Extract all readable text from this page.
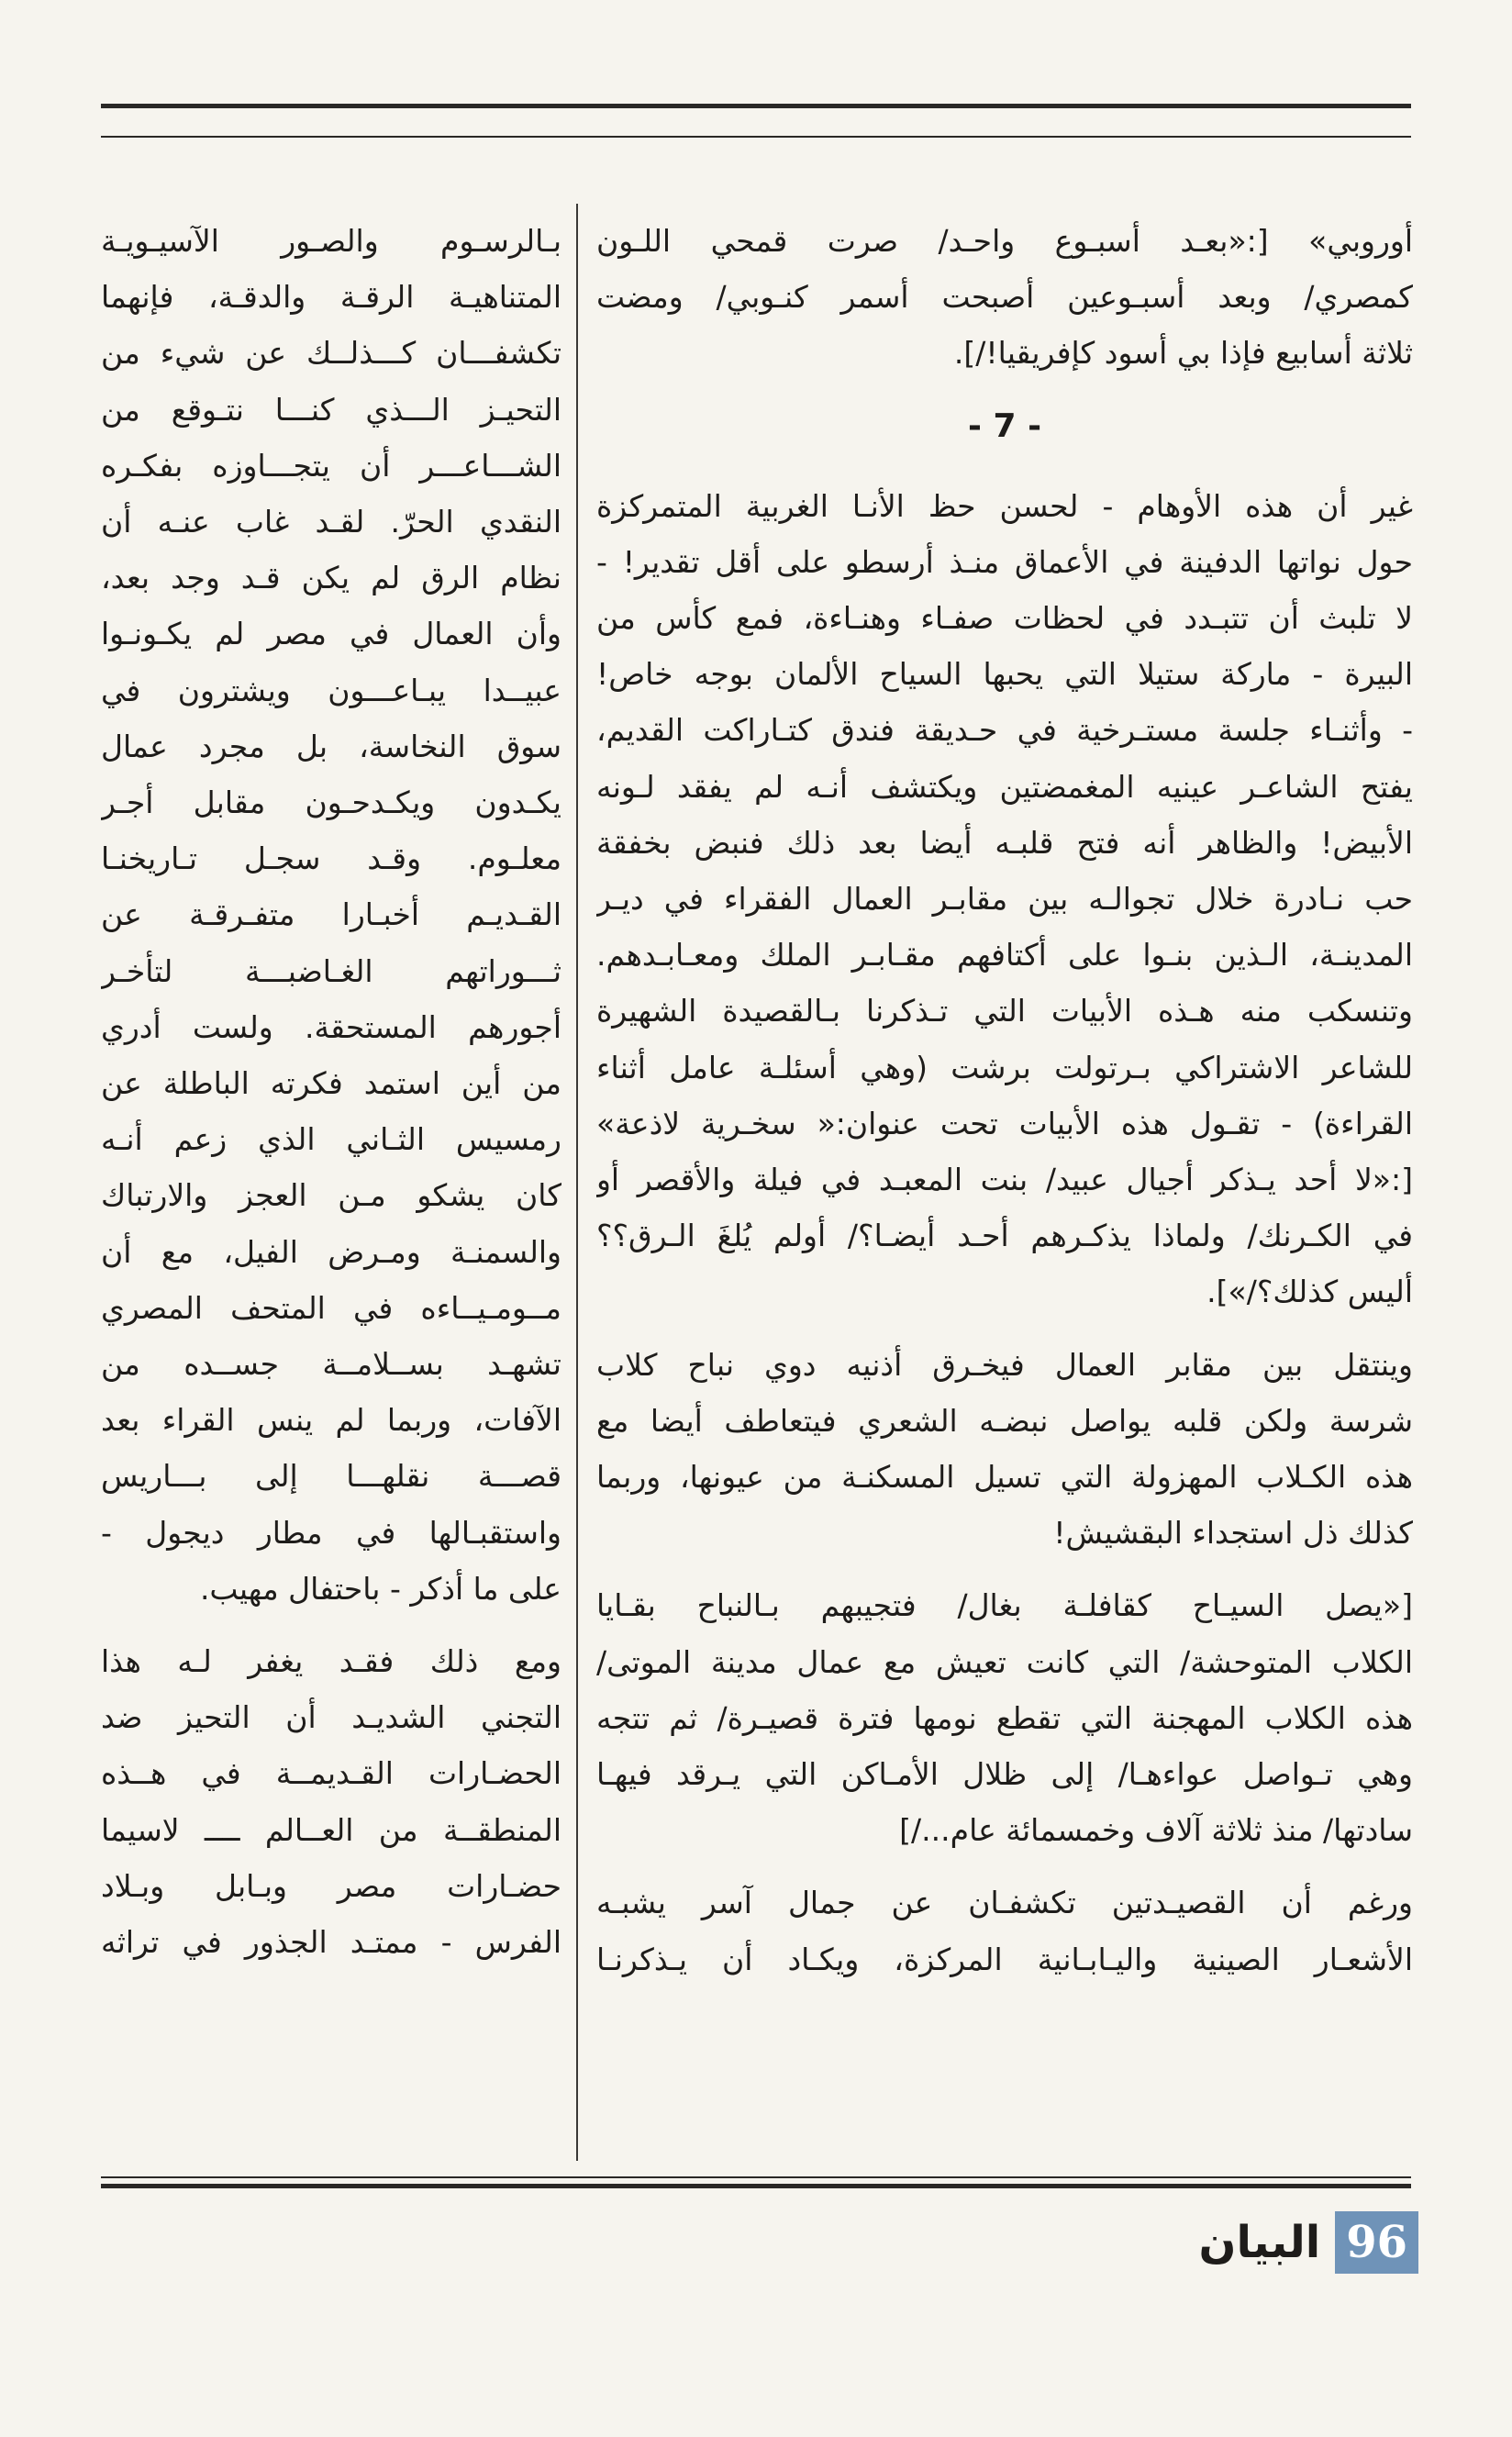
أوروبي» [:«بعـد أسبـوع واحـد/ صرت قمحي اللـون
كمصري/ وبعد أسبـوعين أصبحت أسمر كنـوبي/ ومضت
ثلاثة أسابيع فإذا بي أسود كإفريقيا!/].
- 7 -
غير أن هذه الأوهام - لحسن حظ الأنـا الغربية المتمركزة
حول نواتها الدفينة في الأعماق منـذ أرسطو على أقل تقدير! -
لا تلبث أن تتبـدد في لحظات صفـاء وهنـاءة، فمع كأس من
البيرة - ماركة ستيلا التي يحبها السياح الألمان بوجه خاص!
- وأثنـاء جلسة مستـرخية في حـديقة فندق كتـاراكت القديم،
يفتح الشاعـر عينيه المغمضتين ويكتشف أنـه لم يفقد لـونه
الأبيض! والظاهر أنه فتح قلبـه أيضا بعد ذلك فنبض بخفقة
حب نـادرة خلال تجوالـه بين مقابـر العمال الفقراء في ديـر
المدينـة، الـذين بنـوا على أكتافهم مقـابـر الملك ومعـابـدهم.
وتنسكب منه هـذه الأبيات التي تـذكرنا بـالقصيدة الشهيرة
للشاعر الاشتراكي بـرتولت برشت (وهي أسئلـة عامل أثناء
القراءة) - تقـول هذه الأبيات تحت عنوان:« سخـرية لاذعة»
[:«لا أحد يـذكر أجيال عبيد/ بنت المعبـد في فيلة والأقصر أو
في الكـرنك/ ولماذا يذكـرهم أحـد أيضـا؟/ أولم يُلغَ الـرق؟؟
أليس كذلك؟/»].
وينتقل بين مقابر العمال فيخـرق أذنيه دوي نباح كلاب
شرسة ولكن قلبه يواصل نبضـه الشعري فيتعاطف أيضا مع
هذه الكـلاب المهزولة التي تسيل المسكنـة من عيونها، وربما
كذلك ذل استجداء البقشيش!
[«يصل السيـاح كقافلـة بغال/ فتجيبهم بـالنباح بقـايا
الكلاب المتوحشة/ التي كانت تعيش مع عمال مدينة الموتى/
هذه الكلاب المهجنة التي تقطع نومها فترة قصيـرة/ ثم تتجه
وهي تـواصل عواءهـا/ إلى ظلال الأمـاكن التي يـرقد فيهـا
سادتها/ منذ ثلاثة آلاف وخمسمائة عام.../]
ورغم أن القصيـدتين تكشفـان عن جمال آسر يشبـه
الأشعـار الصينية واليـابـانية المركزة، ويكـاد أن يـذكرنـا
بـالرسـوم والصـور الآسيـويـة
المتناهيـة الرقـة والدقـة، فإنهما
تكشفـــان كـــذلــك عن شيء من
التحيـز الـــذي كنـــا نتـوقع من
الشـــاعـــر أن يتجـــاوزه بفكـره
النقدي الحرّ. لقـد غاب عنـه أن
نظام الرق لم يكن قـد وجد بعد،
وأن العمال في مصر لم يكـونـوا
عبيــدا يبـاعـــون ويشترون في
سوق النخاسة، بل مجرد عمال
يكـدون ويكـدحـون مقابل أجـر
معلـوم. وقـد سجـل تـاريخنـا
القـديـم أخبـارا متفـرقـة عن
ثـــوراتهم الغـاضبـــة لتأخـر
أجورهم المستحقة. ولست أدري
من أين استمد فكرته الباطلة عن
رمسيس الثـاني الذي زعم أنـه
كان يشكو مـن العجز والارتباك
والسمنـة ومـرض الفيل، مع أن
مــومـيــاءه في المتحف المصري
تشهـد بســلامــة جســده من
الآفات، وربما لم ينس القراء بعد
قصـــة نقلهـــا إلى بـــاريس
واستقبـالها في مطار ديجول -
على ما أذكر - باحتفال مهيب.
ومع ذلك فقـد يغفر لـه هذا
التجني الشديـد أن التحيز ضد
الحضـارات القـديمــة في هــذه
المنطقــة من العــالم ــــ لاسيما
حضـارات مصر وبـابل وبـلاد
الفرس - ممتـد الجذور في تراثه
96
البيان
